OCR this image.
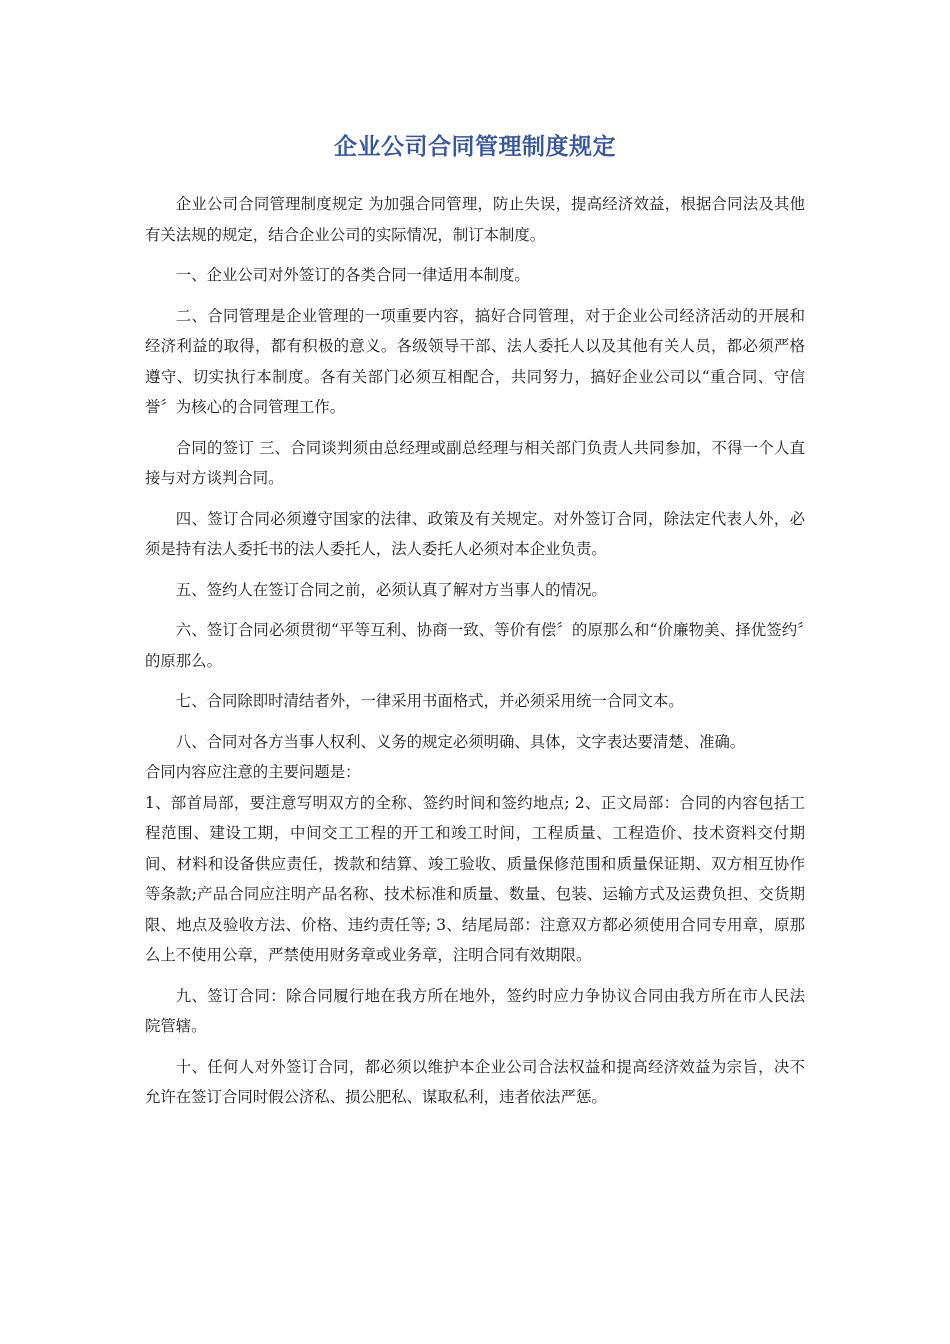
企业公司合同管理制度规定

企业公司合同管理制度规定 为加强合同管理，防止失误，提高经济效益，根据合同法及其他有关法规的规定，结合企业公司的实际情况，制订本制度。

一、企业公司对外签订的各类合同一律适用本制度。

二、合同管理是企业管理的一项重要内容，搞好合同管理，对于企业公司经济活动的开展和经济利益的取得，都有积极的意义。各级领导干部、法人委托人以及其他有关人员，都必须严格遵守、切实执行本制度。各有关部门必须互相配合，共同努力，搞好企业公司以“重合同、守信誉〞为核心的合同管理工作。

合同的签订 三、合同谈判须由总经理或副总经理与相关部门负责人共同参加，不得一个人直接与对方谈判合同。

四、签订合同必须遵守国家的法律、政策及有关规定。对外签订合同，除法定代表人外，必须是持有法人委托书的法人委托人，法人委托人必须对本企业负责。

五、签约人在签订合同之前，必须认真了解对方当事人的情况。

六、签订合同必须贯彻“平等互利、协商一致、等价有偿〞的原那么和“价廉物美、择优签约〞的原那么。

七、合同除即时清结者外，一律采用书面格式，并必须采用统一合同文本。

八、合同对各方当事人权利、义务的规定必须明确、具体，文字表达要清楚、准确。

合同内容应注意的主要问题是：

1、部首局部，要注意写明双方的全称、签约时间和签约地点; 2、正文局部：合同的内容包括工程范围、建设工期，中间交工工程的开工和竣工时间，工程质量、工程造价、技术资料交付期间、材料和设备供应责任，拨款和结算、竣工验收、质量保修范围和质量保证期、双方相互协作等条款;产品合同应注明产品名称、技术标准和质量、数量、包装、运输方式及运费负担、交货期限、地点及验收方法、价格、违约责任等; 3、结尾局部：注意双方都必须使用合同专用章，原那么上不使用公章，严禁使用财务章或业务章，注明合同有效期限。

九、签订合同：除合同履行地在我方所在地外，签约时应力争协议合同由我方所在市人民法院管辖。

十、任何人对外签订合同，都必须以维护本企业公司合法权益和提高经济效益为宗旨，决不允许在签订合同时假公济私、损公肥私、谋取私利，违者依法严惩。
